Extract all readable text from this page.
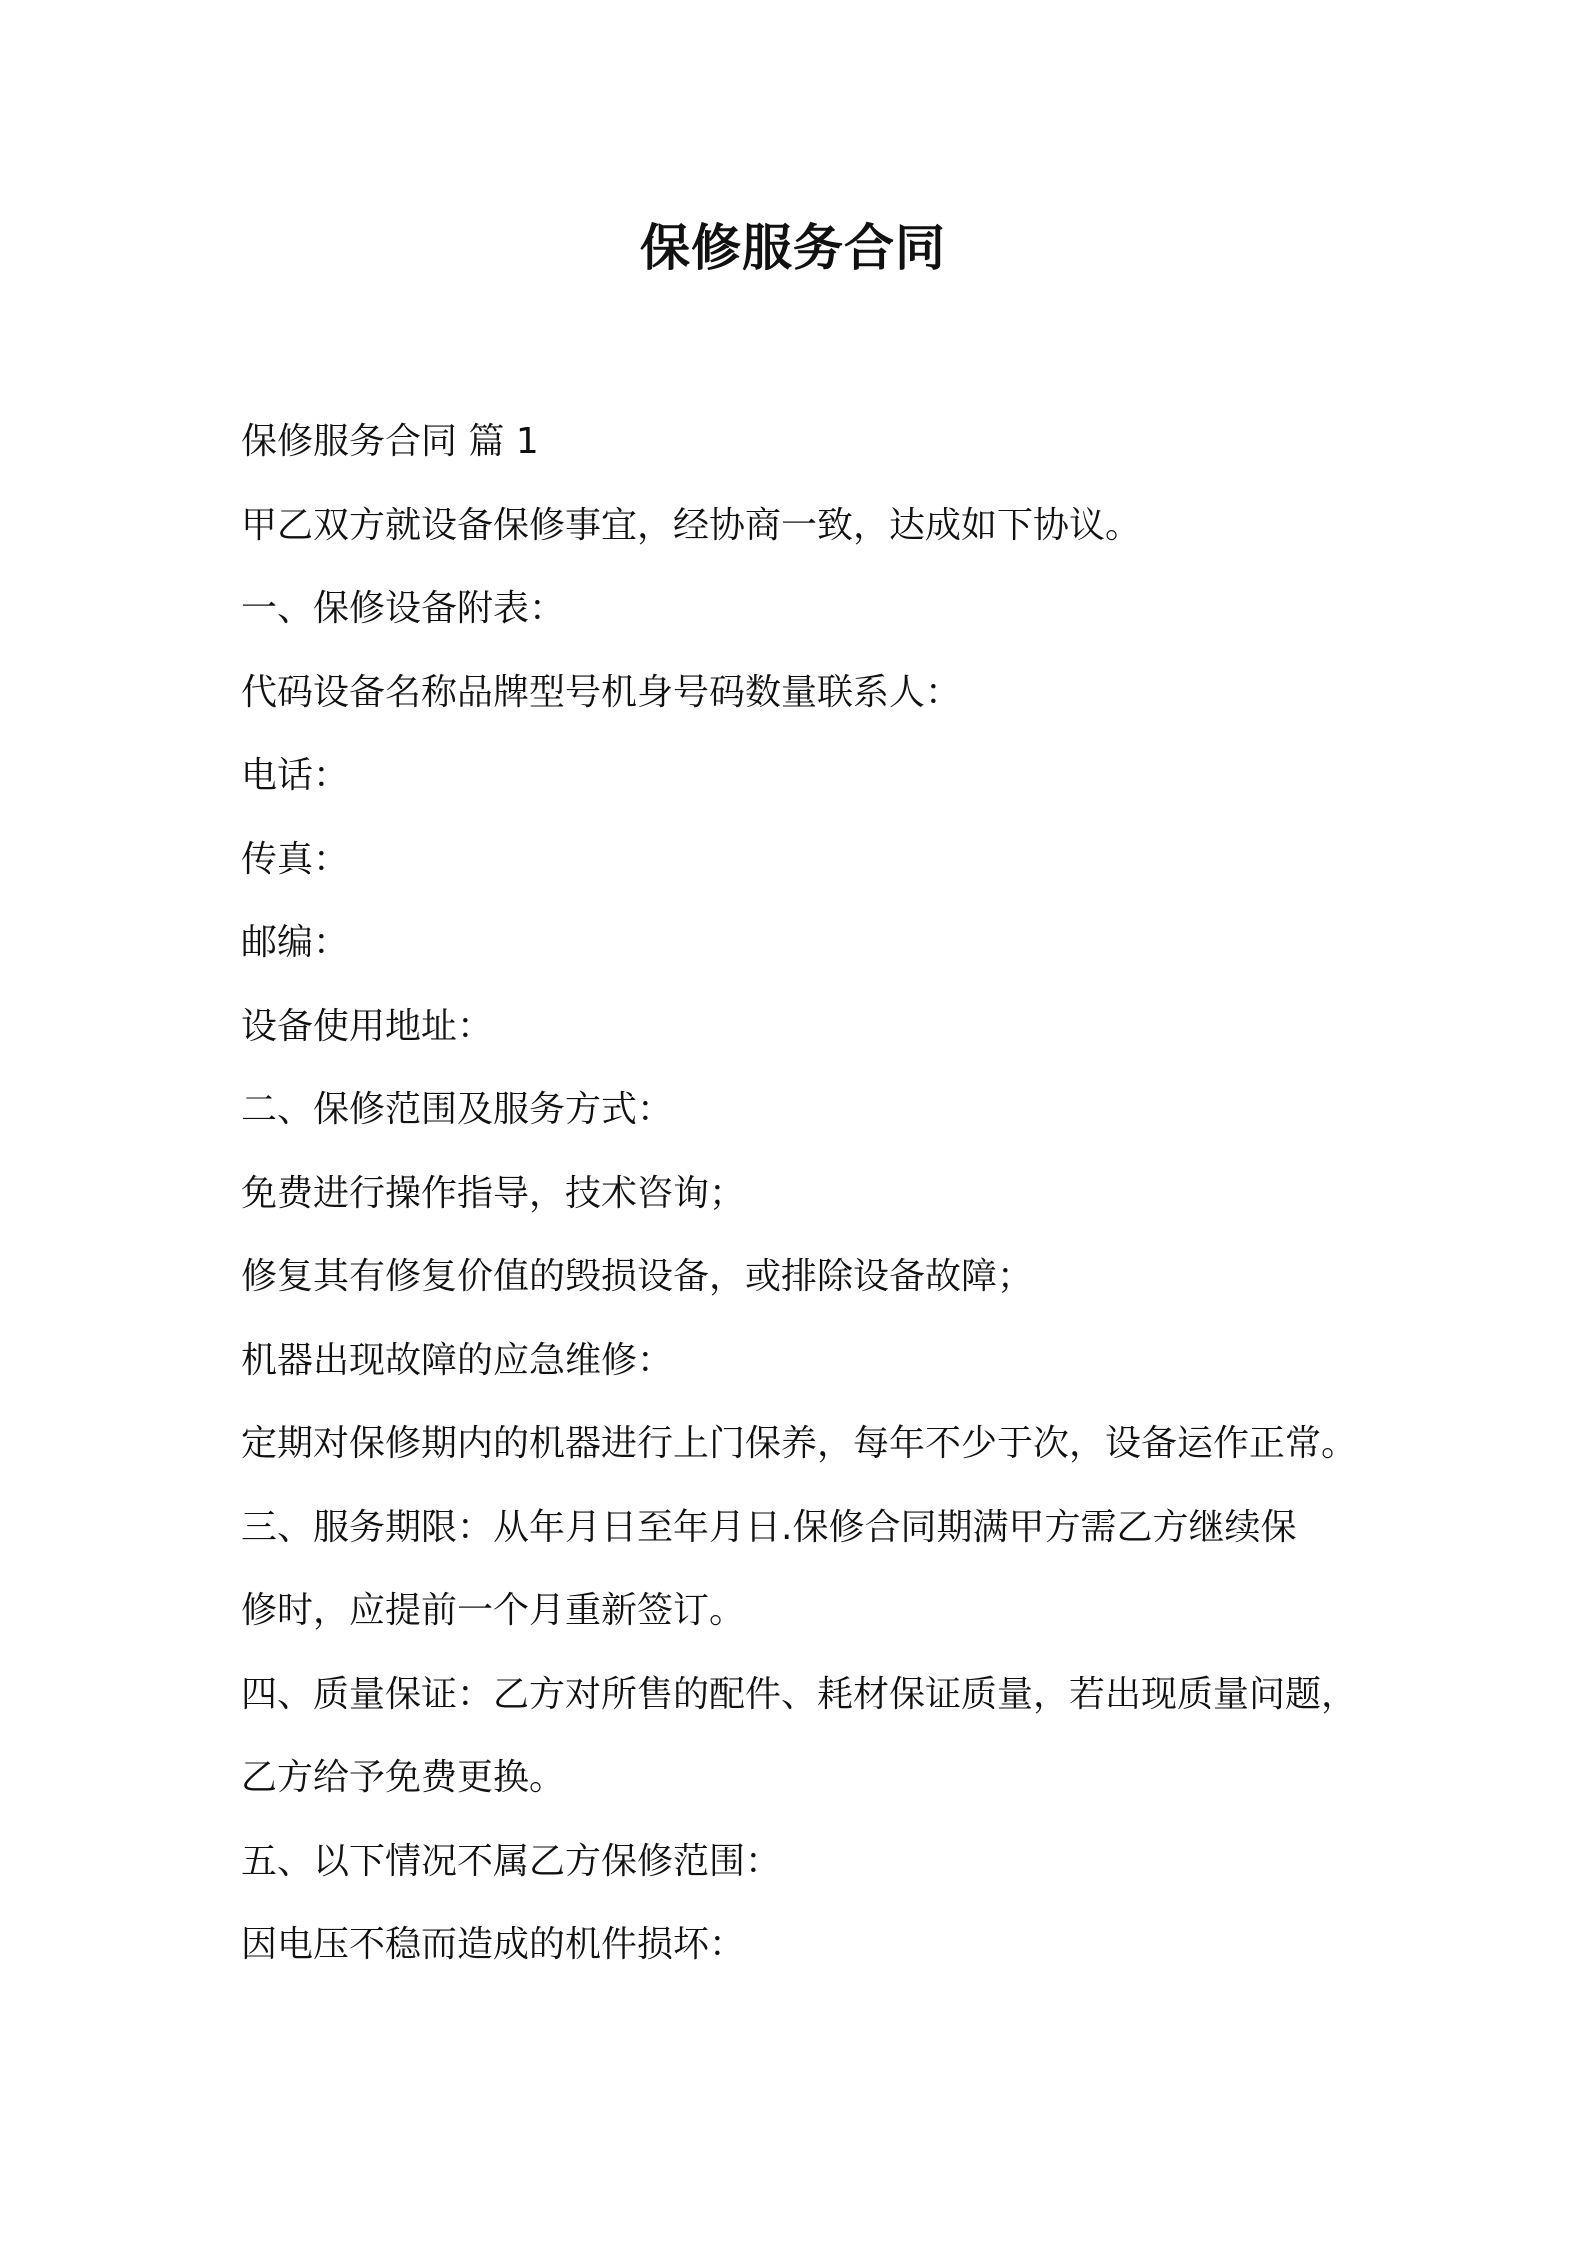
保修服务合同

保修服务合同 篇 1

甲乙双方就设备保修事宜，经协商一致，达成如下协议。

一、保修设备附表：

代码设备名称品牌型号机身号码数量联系人：

电话：

传真：

邮编：

设备使用地址：

二、保修范围及服务方式：

免费进行操作指导，技术咨询；

修复其有修复价值的毁损设备，或排除设备故障；

机器出现故障的应急维修：

定期对保修期内的机器进行上门保养，每年不少于次，设备运作正常。

三、服务期限：从年月日至年月日.保修合同期满甲方需乙方继续保

修时，应提前一个月重新签订。

四、质量保证：乙方对所售的配件、耗材保证质量，若出现质量问题，

乙方给予免费更换。

五、以下情况不属乙方保修范围：

因电压不稳而造成的机件损坏：
